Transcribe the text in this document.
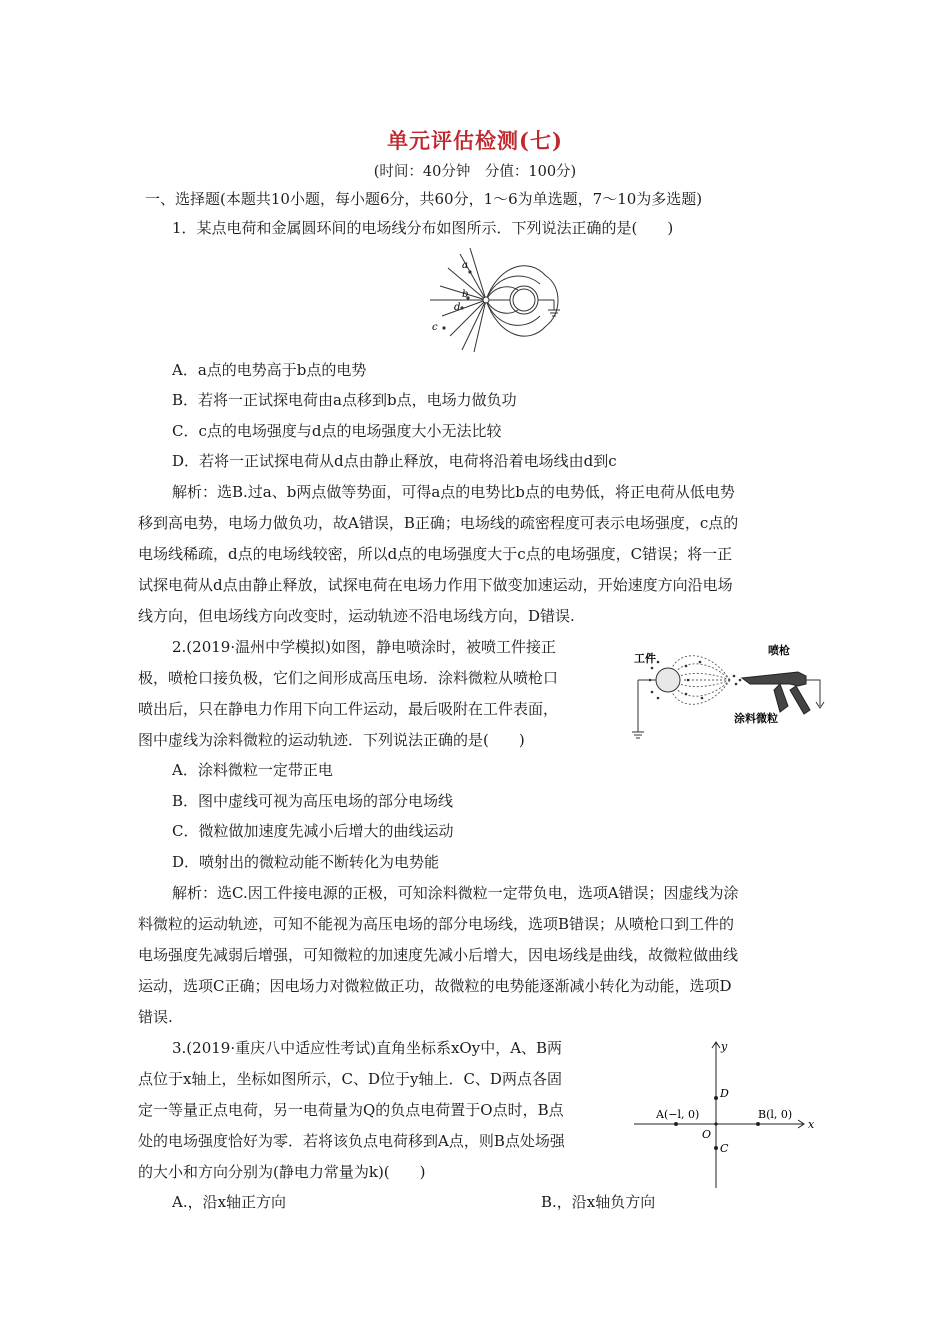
单元评估检测(七)
(时间：40分钟　分值：100分)
一、选择题(本题共10小题，每小题6分，共60分，1～6为单选题，7～10为多选题)
1．某点电荷和金属圆环间的电场线分布如图所示．下列说法正确的是(　　)
a
b
d
c
A．a点的电势高于b点的电势
B．若将一正试探电荷由a点移到b点，电场力做负功
C．c点的电场强度与d点的电场强度大小无法比较
D．若将一正试探电荷从d点由静止释放，电荷将沿着电场线由d到c
解析：选B.过a、b两点做等势面，可得a点的电势比b点的电势低，将正电荷从低电势
移到高电势，电场力做负功，故A错误，B正确；电场线的疏密程度可表示电场强度，c点的
电场线稀疏，d点的电场线较密，所以d点的电场强度大于c点的电场强度，C错误；将一正
试探电荷从d点由静止释放，试探电荷在电场力作用下做变加速运动，开始速度方向沿电场
线方向，但电场线方向改变时，运动轨迹不沿电场线方向，D错误.
2.(2019·温州中学模拟)如图，静电喷涂时，被喷工件接正
极，喷枪口接负极，它们之间形成高压电场．涂料微粒从喷枪口
喷出后，只在静电力作用下向工件运动，最后吸附在工件表面，
图中虚线为涂料微粒的运动轨迹．下列说法正确的是(　　)
工件
喷枪
涂料微粒
A．涂料微粒一定带正电
B．图中虚线可视为高压电场的部分电场线
C．微粒做加速度先减小后增大的曲线运动
D．喷射出的微粒动能不断转化为电势能
解析：选C.因工件接电源的正极，可知涂料微粒一定带负电，选项A错误；因虚线为涂
料微粒的运动轨迹，可知不能视为高压电场的部分电场线，选项B错误；从喷枪口到工件的
电场强度先减弱后增强，可知微粒的加速度先减小后增大，因电场线是曲线，故微粒做曲线
运动，选项C正确；因电场力对微粒做正功，故微粒的电势能逐渐减小转化为动能，选项D
错误.
3.(2019·重庆八中适应性考试)直角坐标系xOy中，A、B两
点位于x轴上，坐标如图所示，C、D位于y轴上．C、D两点各固
定一等量正点电荷，另一电荷量为Q的负点电荷置于O点时，B点
处的电场强度恰好为零．若将该负点电荷移到A点，则B点处场强
的大小和方向分别为(静电力常量为k)(　　)
y
x
D
A(−l, 0)	B(l, 0)
O
C
A.，沿x轴正方向	B.，沿x轴负方向
